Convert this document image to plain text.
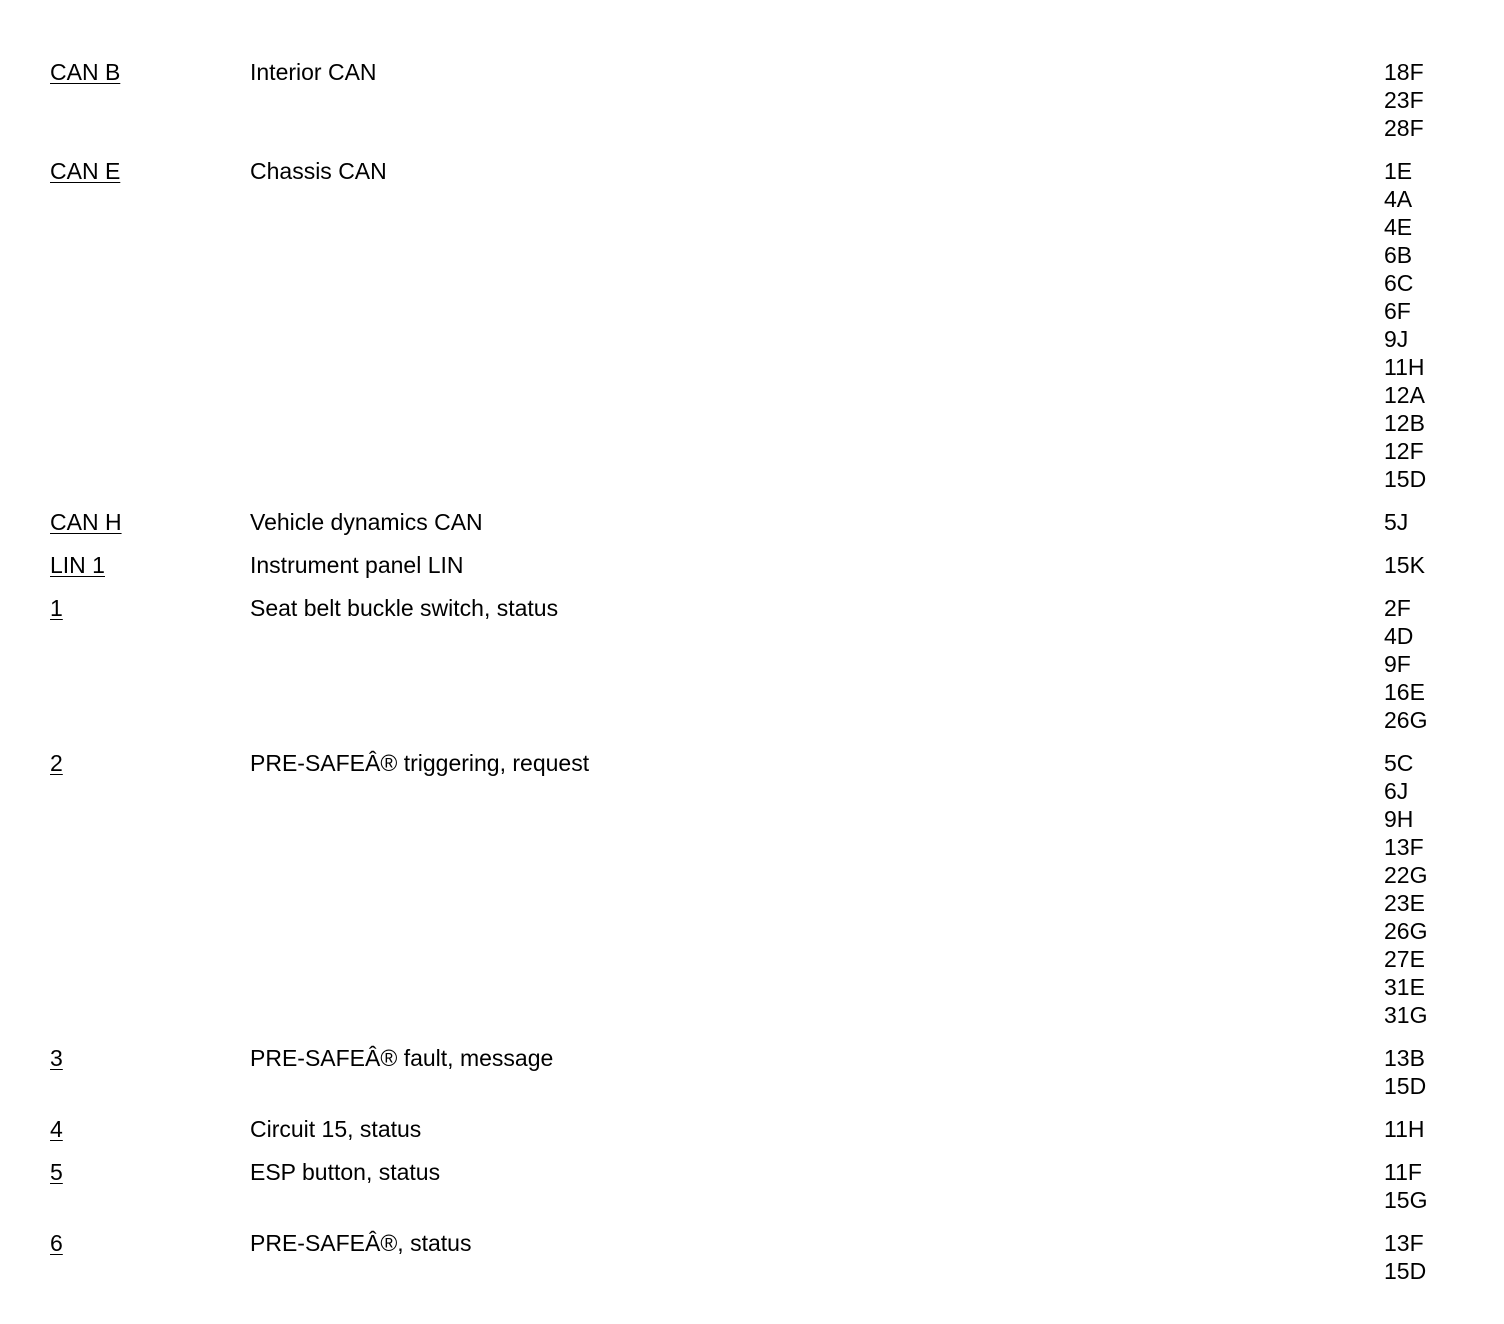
CAN B	Interior CAN	18F
23F
28F
CAN E	Chassis CAN	1E
4A
4E
6B
6C
6F
9J
11H
12A
12B
12F
15D
CAN H	Vehicle dynamics CAN	5J
LIN 1	Instrument panel LIN	15K
1	Seat belt buckle switch, status	2F
4D
9F
16E
26G
2	PRE-SAFEÂ® triggering, request	5C
6J
9H
13F
22G
23E
26G
27E
31E
31G
3	PRE-SAFEÂ® fault, message	13B
15D
4	Circuit 15, status	11H
5	ESP button, status	11F
15G
6	PRE-SAFEÂ®, status	13F
15D
